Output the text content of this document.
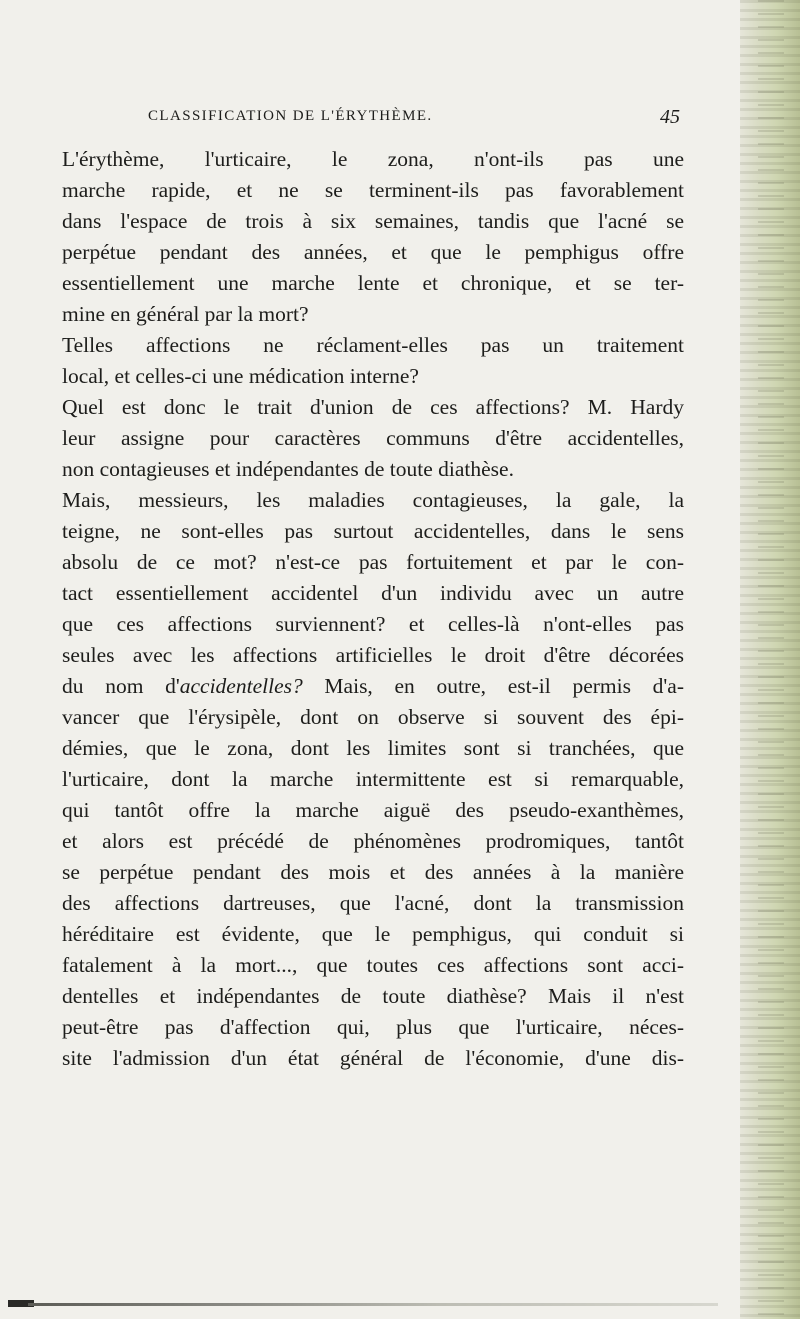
CLASSIFICATION DE L'ÉRYTHÈME.	45
L'érythème, l'urticaire, le zona, n'ont-ils pas une
marche rapide, et ne se terminent-ils pas favorablement
dans l'espace de trois à six semaines, tandis que l'acné se
perpétue pendant des années, et que le pemphigus offre
essentiellement une marche lente et chronique, et se ter-
mine en général par la mort?
Telles affections ne réclament-elles pas un traitement
local, et celles-ci une médication interne?
Quel est donc le trait d'union de ces affections? M. Hardy
leur assigne pour caractères communs d'être accidentelles,
non contagieuses et indépendantes de toute diathèse.
Mais, messieurs, les maladies contagieuses, la gale, la
teigne, ne sont-elles pas surtout accidentelles, dans le sens
absolu de ce mot? n'est-ce pas fortuitement et par le con-
tact essentiellement accidentel d'un individu avec un autre
que ces affections surviennent? et celles-là n'ont-elles pas
seules avec les affections artificielles le droit d'être décorées
du nom d'accidentelles? Mais, en outre, est-il permis d'a-
vancer que l'érysipèle, dont on observe si souvent des épi-
démies, que le zona, dont les limites sont si tranchées, que
l'urticaire, dont la marche intermittente est si remarquable,
qui tantôt offre la marche aiguë des pseudo-exanthèmes,
et alors est précédé de phénomènes prodromiques, tantôt
se perpétue pendant des mois et des années à la manière
des affections dartreuses, que l'acné, dont la transmission
héréditaire est évidente, que le pemphigus, qui conduit si
fatalement à la mort..., que toutes ces affections sont acci-
dentelles et indépendantes de toute diathèse? Mais il n'est
peut-être pas d'affection qui, plus que l'urticaire, néces-
site l'admission d'un état général de l'économie, d'une dis-
